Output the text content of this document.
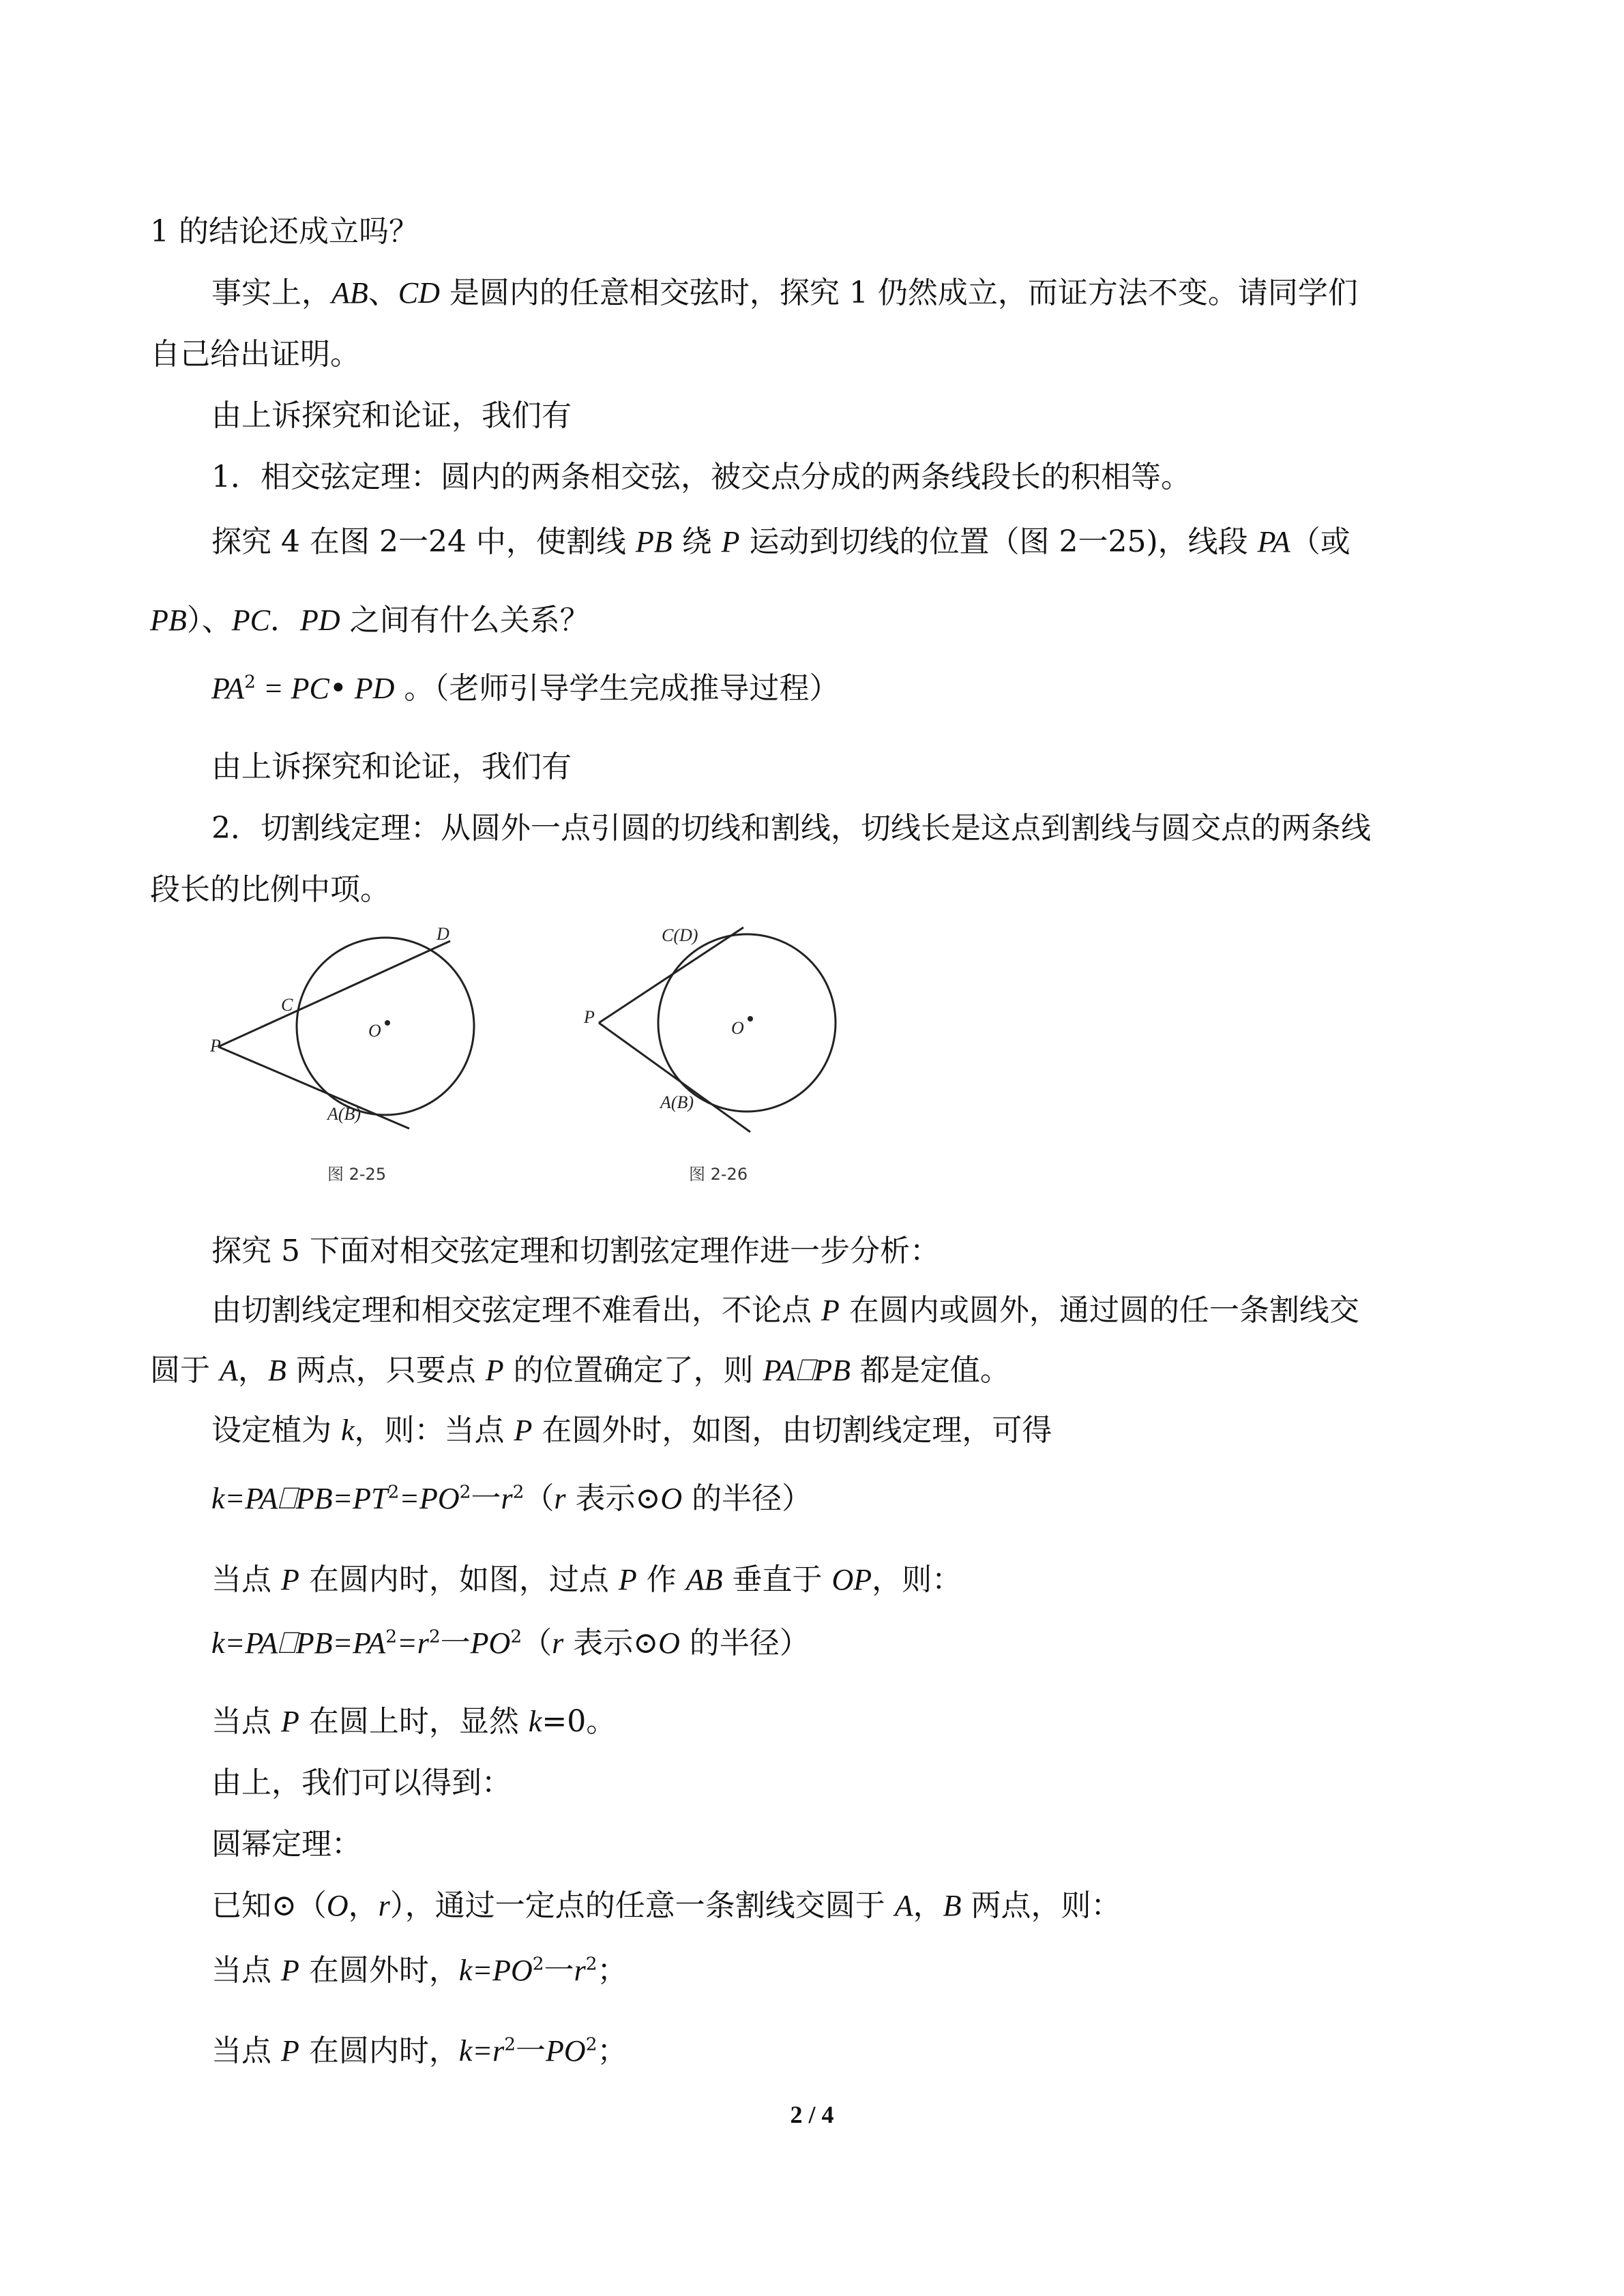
1 的结论还成立吗？
事实上，AB、CD 是圆内的任意相交弦时，探究 1 仍然成立，而证方法不变。请同学们
自己给出证明。
由上诉探究和论证，我们有
1．相交弦定理：圆内的两条相交弦，被交点分成的两条线段长的积相等。
探究 4 在图 2一24 中，使割线 PB 绕 P 运动到切线的位置（图 2一25)，线段 PA（或
PB）、PC．PD 之间有什么关系？
$PA^2$ = PC• PD 。（老师引导学生完成推导过程）
由上诉探究和论证，我们有
2．切割线定理：从圆外一点引圆的切线和割线，切线长是这点到割线与圆交点的两条线
段长的比例中项。
D
C
P
O
A(B)
图 2-25
C(D)
P
O
A(B)
图 2-26
探究 5 下面对相交弦定理和切割弦定理作进一步分析：
由切割线定理和相交弦定理不难看出，不论点 P 在圆内或圆外，通过圆的任一条割线交
圆于 A，B 两点，只要点 P 的位置确定了，则 PA⎕PB 都是定值。
设定植为 k，则：当点 P 在圆外时，如图，由切割线定理，可得
$k=PA⎕PB=PT^2=PO^2$一$r^2(r$ 表示⊙O 的半径）
当点 P 在圆内时，如图，过点 P 作 AB 垂直于 OP，则：
$k=PA⎕PB=PA^2=r^2$一$PO^2(r$ 表示⊙O 的半径）
当点 P 在圆上时，显然 k=0。
由上，我们可以得到：
圆幂定理：
已知⊙（O，r），通过一定点的任意一条割线交圆于 A，B 两点，则：
当点 P 在圆外时，$k=PO^2$一$r^2$；
当点 P 在圆内时，$k=r^2$一$PO^2$；
2 / 4
